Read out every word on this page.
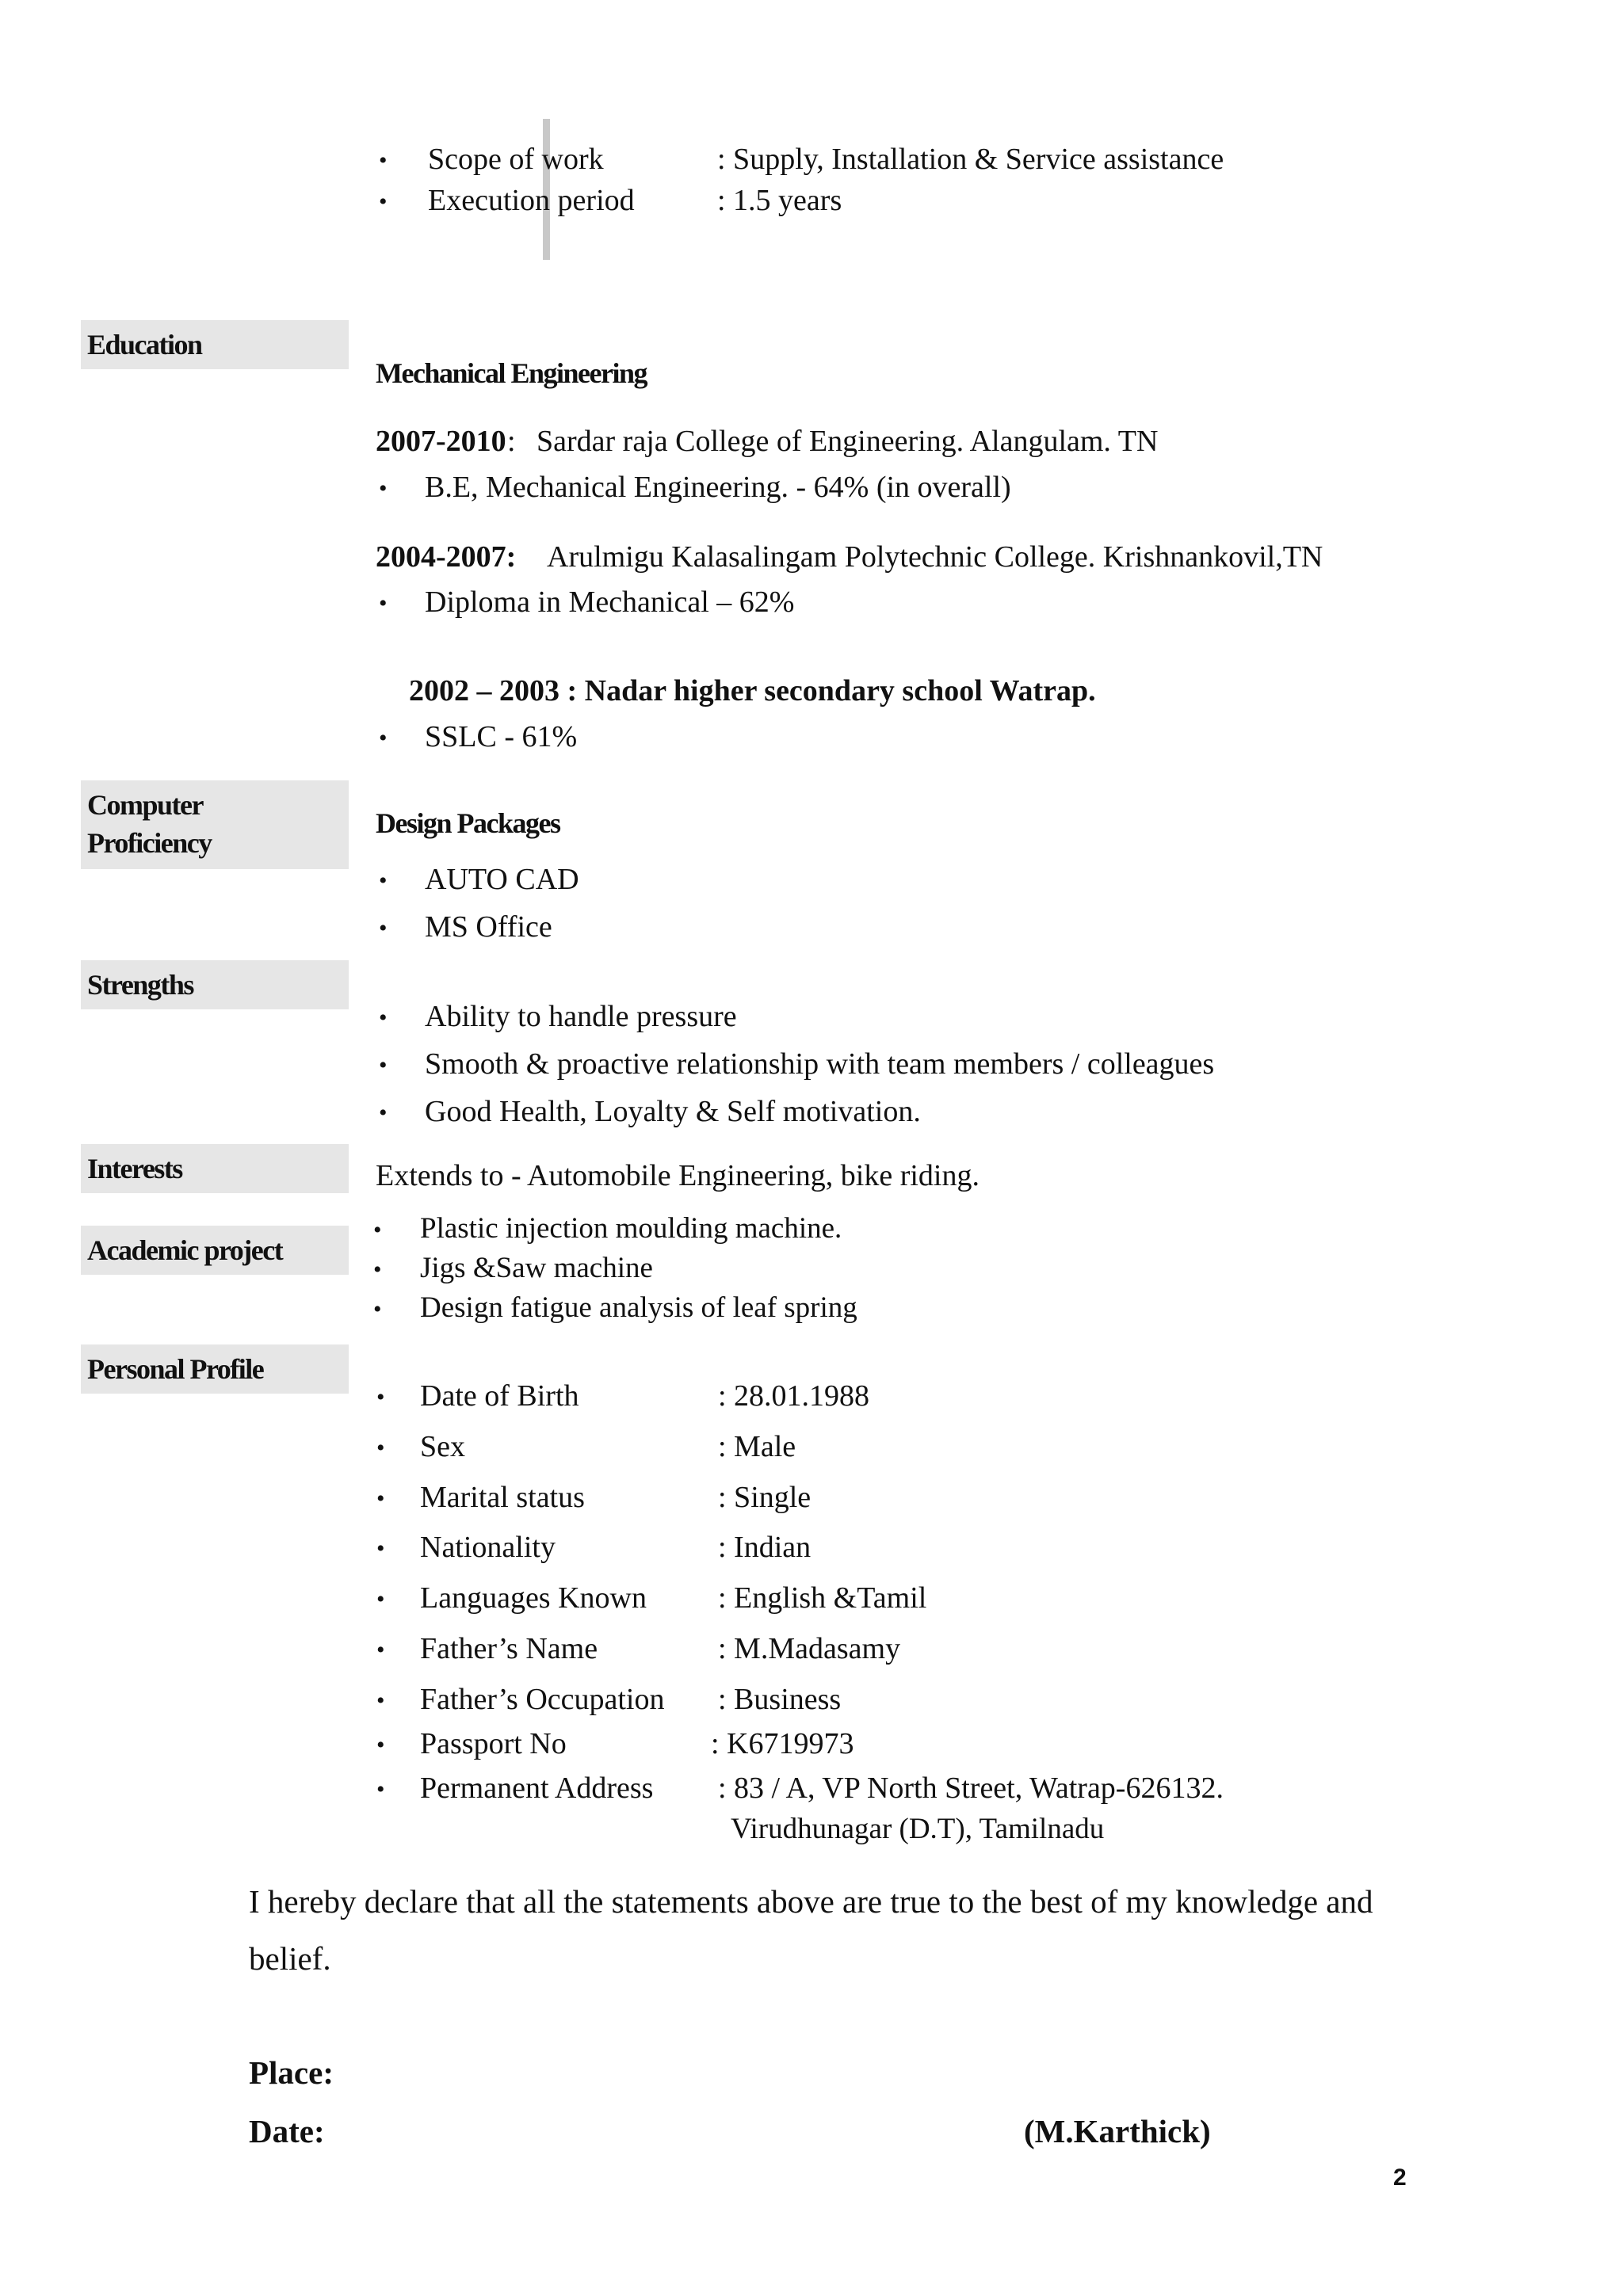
• Scope of work	: Supply, Installation & Service assistance
• Execution period	: 1.5 years
Education
Mechanical Engineering
2007-2010 : Sardar raja College of Engineering. Alangulam. TN
• B.E, Mechanical Engineering. - 64% (in overall)
2004-2007: Arulmigu Kalasalingam Polytechnic College. Krishnankovil,TN
• Diploma in Mechanical – 62%
2002 – 2003 : Nadar higher secondary school Watrap.
• SSLC - 61%
Computer
Proficiency
Design Packages
• AUTO CAD
• MS Office
Strengths
• Ability to handle pressure
• Smooth & proactive relationship with team members / colleagues
• Good Health, Loyalty & Self motivation.
Interests	Extends to - Automobile Engineering, bike riding.
Academic project
• Plastic injection moulding machine.
• Jigs &Saw machine
• Design fatigue analysis of leaf spring
Personal Profile
• Date of Birth	: 28.01.1988
• Sex	: Male
• Marital status	: Single
• Nationality	: Indian
• Languages Known : English &Tamil
• Father’s Name	: M.Madasamy
• Father’s Occupation : Business
• Passport No	: K6719973
• Permanent Address : 83 / A, VP North Street, Watrap-626132.
Virudhunagar (D.T), Tamilnadu
I hereby declare that all the statements above are true to the best of my knowledge and
belief.
Place:
Date:	(M.Karthick)
2
